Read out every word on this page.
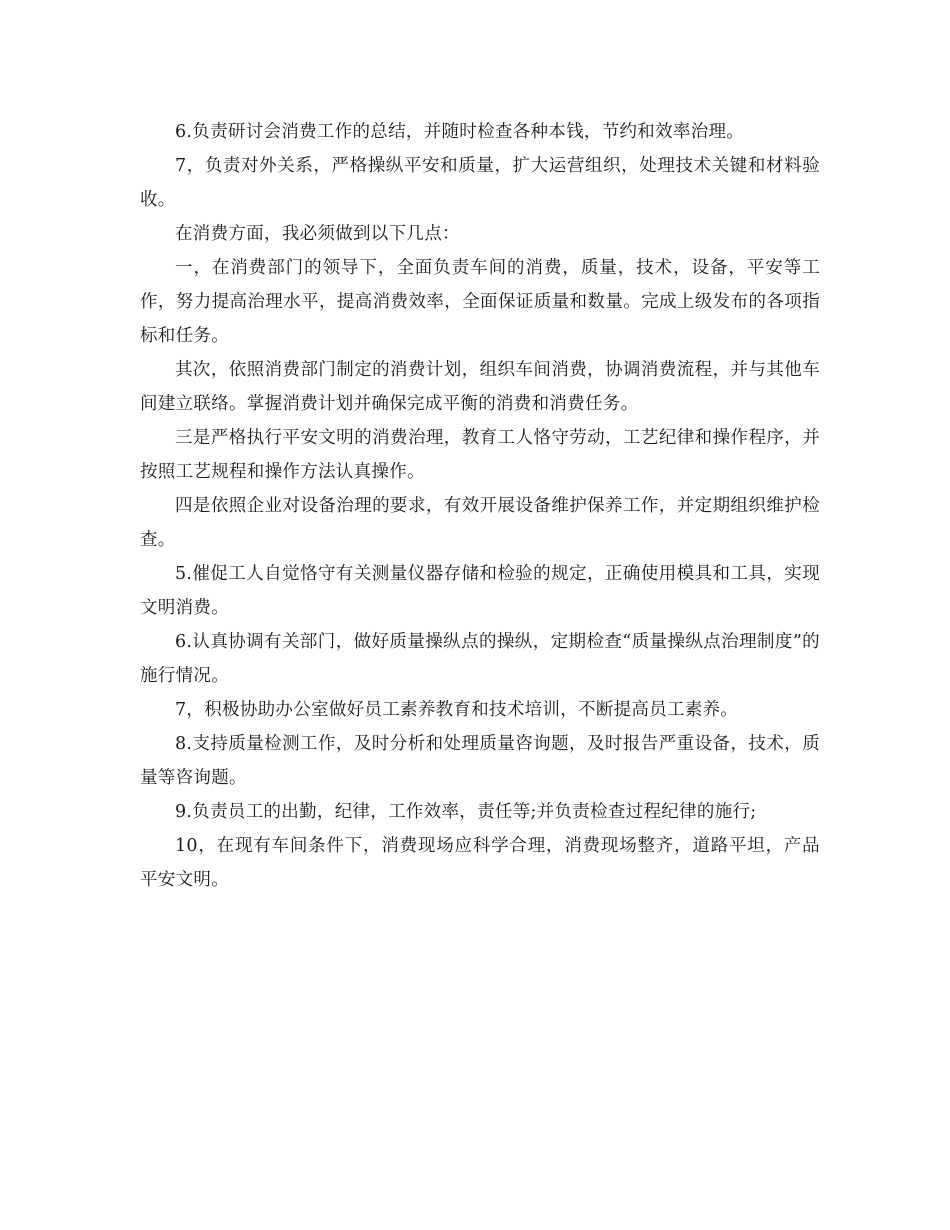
6.负责研讨会消费工作的总结，并随时检查各种本钱，节约和效率治理。

7，负责对外关系，严格操纵平安和质量，扩大运营组织，处理技术关键和材料验收。

在消费方面，我必须做到以下几点：

一，在消费部门的领导下，全面负责车间的消费，质量，技术，设备，平安等工作，努力提高治理水平，提高消费效率，全面保证质量和数量。完成上级发布的各项指标和任务。

其次，依照消费部门制定的消费计划，组织车间消费，协调消费流程，并与其他车间建立联络。掌握消费计划并确保完成平衡的消费和消费任务。

三是严格执行平安文明的消费治理，教育工人恪守劳动，工艺纪律和操作程序，并按照工艺规程和操作方法认真操作。

四是依照企业对设备治理的要求，有效开展设备维护保养工作，并定期组织维护检查。

5.催促工人自觉恪守有关测量仪器存储和检验的规定，正确使用模具和工具，实现文明消费。

6.认真协调有关部门，做好质量操纵点的操纵，定期检查“质量操纵点治理制度”的施行情况。

7，积极协助办公室做好员工素养教育和技术培训，不断提高员工素养。

8.支持质量检测工作，及时分析和处理质量咨询题，及时报告严重设备，技术，质量等咨询题。

9.负责员工的出勤，纪律，工作效率，责任等;并负责检查过程纪律的施行;

10，在现有车间条件下，消费现场应科学合理，消费现场整齐，道路平坦，产品平安文明。
